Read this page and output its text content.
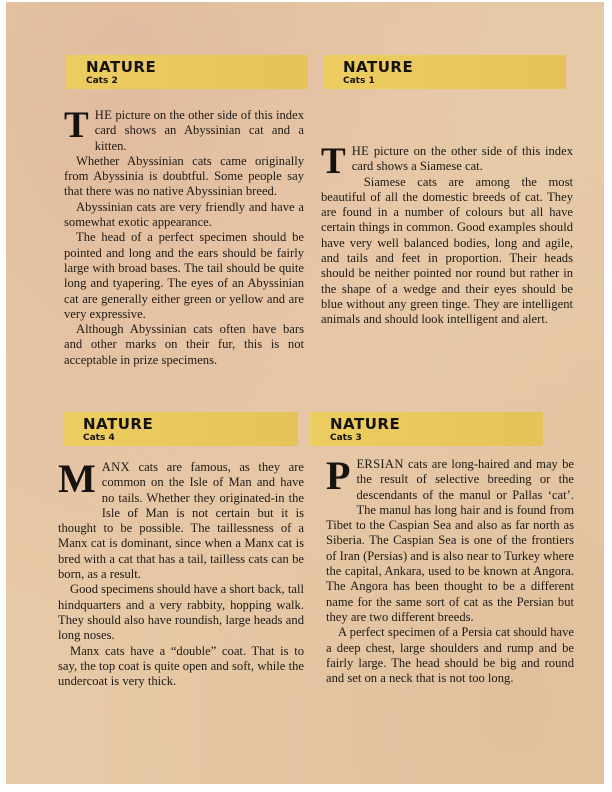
NATURE
Cats 2

THE picture on the other side of this index card shows an Abyssinian cat and a kitten.

Whether Abyssinian cats came originally from Abyssinia is doubtful. Some people say that there was no native Abyssinian breed.

Abyssinian cats are very friendly and have a somewhat exotic appearance.

The head of a perfect specimen should be pointed and long and the ears should be fairly large with broad bases. The tail should be quite long and tyapering. The eyes of an Abyssinian cat are generally either green or yellow and are very expressive.

Although Abyssinian cats often have bars and other marks on their fur, this is not acceptable in prize specimens.

NATURE
Cats 1

THE picture on the other side of this index card shows a Siamese cat.

Siamese cats are among the most beautiful of all the domestic breeds of cat. They are found in a number of colours but all have certain things in common. Good examples should have very well balanced bodies, long and agile, and tails and feet in proportion. Their heads should be neither pointed nor round but rather in the shape of a wedge and their eyes should be blue without any green tinge. They are intelligent animals and should look intelligent and alert.

NATURE
Cats 4

MANX cats are famous, as they are common on the Isle of Man and have no tails. Whether they originated-in the Isle of Man is not certain but it is thought to be possible. The taillessness of a Manx cat is dominant, since when a Manx cat is bred with a cat that has a tail, tailless cats can be born, as a result.

Good specimens should have a short back, tall hindquarters and a very rabbity, hopping walk. They should also have roundish, large heads and long noses.

Manx cats have a “double” coat. That is to say, the top coat is quite open and soft, while the undercoat is very thick.

NATURE
Cats 3

PERSIAN cats are long-haired and may be the result of selective breeding or the descendants of the manul or Pallas ‘cat’. The manul has long hair and is found from Tibet to the Caspian Sea and also as far north as Siberia. The Caspian Sea is one of the frontiers of Iran (Persias) and is also near to Turkey where the capital, Ankara, used to be known at Angora. The Angora has been thought to be a different name for the same sort of cat as the Persian but they are two different breeds.

A perfect specimen of a Persia cat should have a deep chest, large shoulders and rump and be fairly large. The head should be big and round and set on a neck that is not too long.
